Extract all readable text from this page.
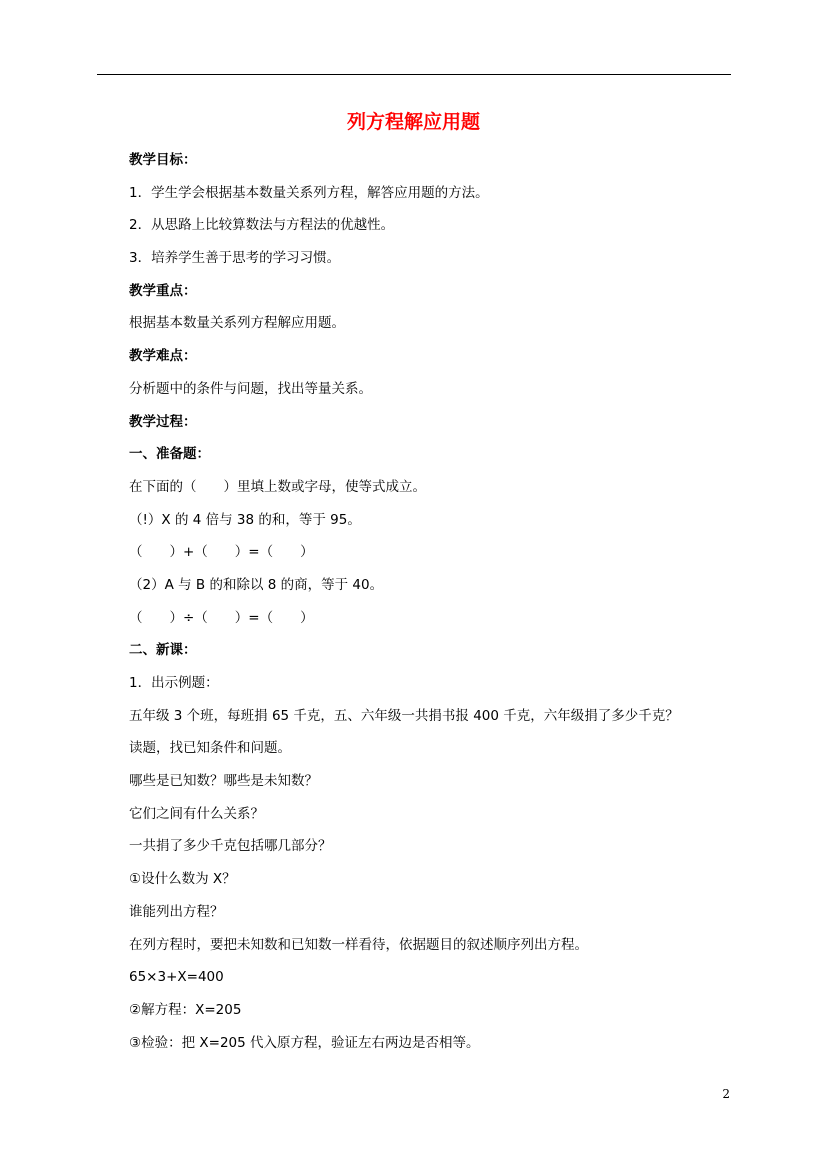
列方程解应用题
教学目标：
1．学生学会根据基本数量关系列方程，解答应用题的方法。
2．从思路上比较算数法与方程法的优越性。
3．培养学生善于思考的学习习惯。
教学重点：
根据基本数量关系列方程解应用题。
教学难点：
分析题中的条件与问题，找出等量关系。
教学过程：
一、准备题：
在下面的（　　）里填上数或字母，使等式成立。
（!）X 的 4 倍与 38 的和，等于 95。
（　　）+（　　）=（　　）
（2）A 与 B 的和除以 8 的商，等于 40。
（　　）÷（　　）=（　　）
二、新课：
1．出示例题：
五年级 3 个班，每班捐 65 千克，五、六年级一共捐书报 400 千克，六年级捐了多少千克？
读题，找已知条件和问题。
哪些是已知数？哪些是未知数？
它们之间有什么关系？
一共捐了多少千克包括哪几部分？
①设什么数为 X？
谁能列出方程？
在列方程时，要把未知数和已知数一样看待，依据题目的叙述顺序列出方程。
65×3+X=400
②解方程：X=205
③检验：把 X=205 代入原方程，验证左右两边是否相等。
2
